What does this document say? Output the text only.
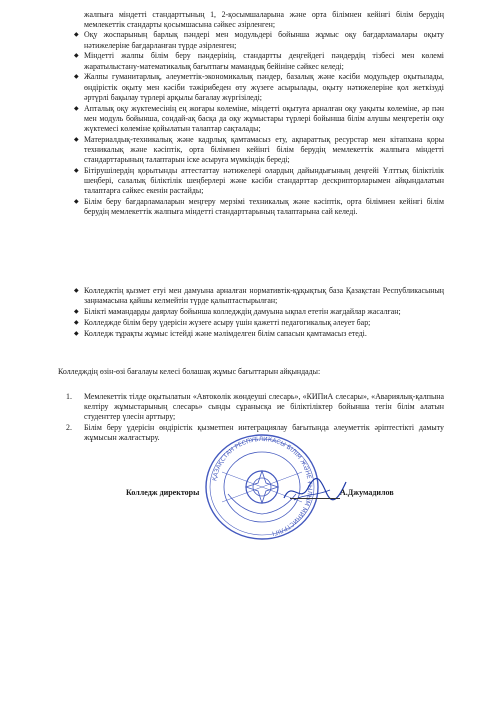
жалпыға міндетті стандарттының 1, 2-қосымшаларына және орта білімнен кейінгі білім берудің мемлекеттік стандарты қосымшасына сәйкес әзірленген;
◆ Оқу жоспарының барлық пәндері мен модульдері бойынша жұмыс оқу бағдарламалары оқыту нәтижелеріне бағдарланған түрде әзірленген;
◆ Міндетті жалпы білім беру пәндерінің, стандартты деңгейдегі пәндердің тізбесі мен көлемі жаратылыстану-математикалық бағытпағы мамандық бейініне сәйкес келеді;
◆ Жалпы гуманитарлық, әлеуметтік-экономикалық пәндер, базалық және кәсіби модульдер оқытылады, өндірістік оқыту мен кәсіби тәжірибеден өту жүзеге асырылады, оқыту нәтижелеріне қол жеткізуді әртүрлі бақылау түрлері арқылы бағалау жүргізіледі;
◆ Апталық оқу жүктемесінің ең жоғары көлеміне, міндетті оқытуға арналған оқу уақыты көлеміне, әр пән мен модуль бойынша, сондай-ақ басқа да оқу жұмыстары түрлері бойынша білім алушы меңгеретін оқу жүктемесі көлеміне қойылатын талаптар сақталады;
◆ Материалдық-техникалық және кадрлық қамтамасыз ету, ақпараттық ресурстар мен кітапхана қоры техникалық және кәсіптік, орта білімнен кейінгі білім берудің мемлекеттік жалпыға міндетті стандарттарының талаптарын іске асыруға мүмкіндік береді;
◆ Бітірушілердің қорытынды аттестаттау нәтижелері олардың дайындығының деңгейі Ұлттық біліктілік шеңбері, салалық біліктілік шеңберлері және кәсіби стандарттар дескрипторларымен айқындалатын талаптарға сәйкес екенін растайды;
◆ Білім беру бағдарламаларын меңгеру мерзімі техникалық және кәсіптік, орта білімнен кейінгі білім берудің мемлекеттік жалпыға міндетті стандарттарының талаптарына сай келеді.
◆ Колледжтің қызмет етуі мен дамуына арналған нормативтік-құқықтық база Қазақстан Республикасының заңнамасына қайшы келмейтін түрде қалыптастырылған;
◆ Білікті мамандарды даярлау бойынша колледждің дамуына ықпал ететін жағдайлар жасалған;
◆ Колледжде білім беру үдерісін жүзеге асыру үшін қажетті педагогикалық әлеует бар;
◆ Колледж тұрақты жұмыс істейді және мәлімделген білім сапасын қамтамасыз етеді.
Колледждің өзін-өзі бағалауы келесі болашақ жұмыс бағыттарын айқындады:
1. Мемлекеттік тілде оқытылатын «Автокөлік жөндеуші слесарь», «КИПиА слесары», «Авариялық-қалпына келтіру жұмыстарының слесарь» сынды сұранысқа ие біліктіліктер бойынша тегін білім алатын студенттер үлесін арттыру;
2. Білім беру үдерісін өндірістік қызметпен интеграциялау бағытында әлеуметтік әріптестікті дамыту жұмысын жалғастыру.
ҚАЗАҚСТАН РЕСПУБЛИКАСЫ БІЛІМ ЖӘНЕ ҒЫЛЫМ МИНИСТРЛІГІ
Колледж директоры	А.Джумадилов
